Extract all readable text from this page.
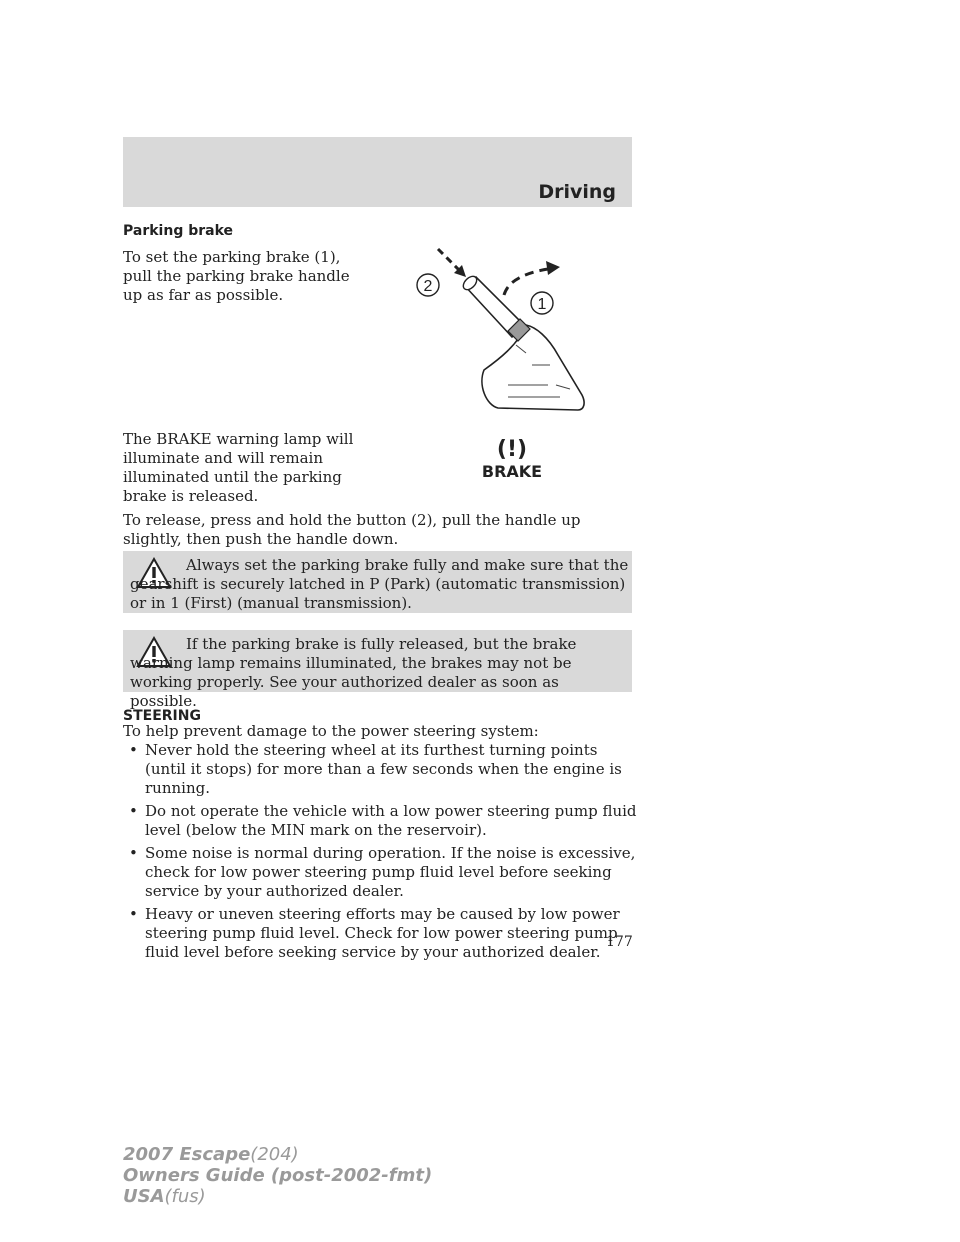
Driving
Parking brake
To set the parking brake (1), pull the parking brake handle up as far as possible.	2
1
The BRAKE warning lamp will illuminate and will remain illuminated until the parking brake is released.
(!)
BRAKE
To release, press and hold the button (2), pull the handle up slightly, then push the handle down.
Always set the parking brake fully and make sure that the gearshift is securely latched in P (Park) (automatic transmission) or in 1 (First) (manual transmission).
If the parking brake is fully released, but the brake warning lamp remains illuminated, the brakes may not be working properly. See your authorized dealer as soon as possible.
STEERING
To help prevent damage to the power steering system:
• Never hold the steering wheel at its furthest turning points (until it stops) for more than a few seconds when the engine is running.
• Do not operate the vehicle with a low power steering pump fluid level (below the MIN mark on the reservoir).
• Some noise is normal during operation. If the noise is excessive, check for low power steering pump fluid level before seeking service by your authorized dealer.
• Heavy or uneven steering efforts may be caused by low power steering pump fluid level. Check for low power steering pump fluid level before seeking service by your authorized dealer.
177
2007 Escape(204)
Owners Guide (post-2002-fmt)
USA(fus)
